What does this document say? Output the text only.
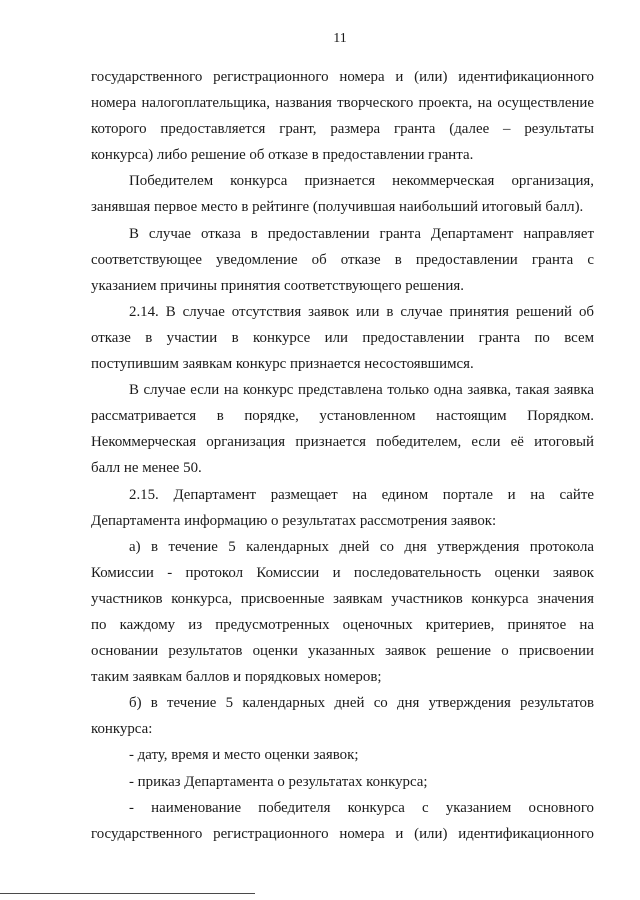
11

государственного регистрационного номера и (или) идентификационного
номера налогоплательщика, названия творческого проекта, на осуществление
которого предоставляется грант, размера гранта (далее – результаты
конкурса) либо решение об отказе в предоставлении гранта.

Победителем конкурса признается некоммерческая организация,
занявшая первое место в рейтинге (получившая наибольший итоговый балл).

В случае отказа в предоставлении гранта Департамент направляет
соответствующее уведомление об отказе в предоставлении гранта с
указанием причины принятия соответствующего решения.

2.14. В случае отсутствия заявок или в случае принятия решений об
отказе в участии в конкурсе или предоставлении гранта по всем
поступившим заявкам конкурс признается несостоявшимся.

В случае если на конкурс представлена только одна заявка, такая заявка
рассматривается в порядке, установленном настоящим Порядком.
Некоммерческая организация признается победителем, если её итоговый
балл не менее 50.

2.15. Департамент размещает на едином портале и на сайте
Департамента информацию о результатах рассмотрения заявок:

а) в течение 5 календарных дней со дня утверждения протокола
Комиссии - протокол Комиссии и последовательность оценки заявок
участников конкурса, присвоенные заявкам участников конкурса значения
по каждому из предусмотренных оценочных критериев, принятое на
основании результатов оценки указанных заявок решение о присвоении
таким заявкам баллов и порядковых номеров;

б) в течение 5 календарных дней со дня утверждения результатов
конкурса:

- дату, время и место оценки заявок;

- приказ Департамента о результатах конкурса;

- наименование победителя конкурса с указанием основного
государственного регистрационного номера и (или) идентификационного
